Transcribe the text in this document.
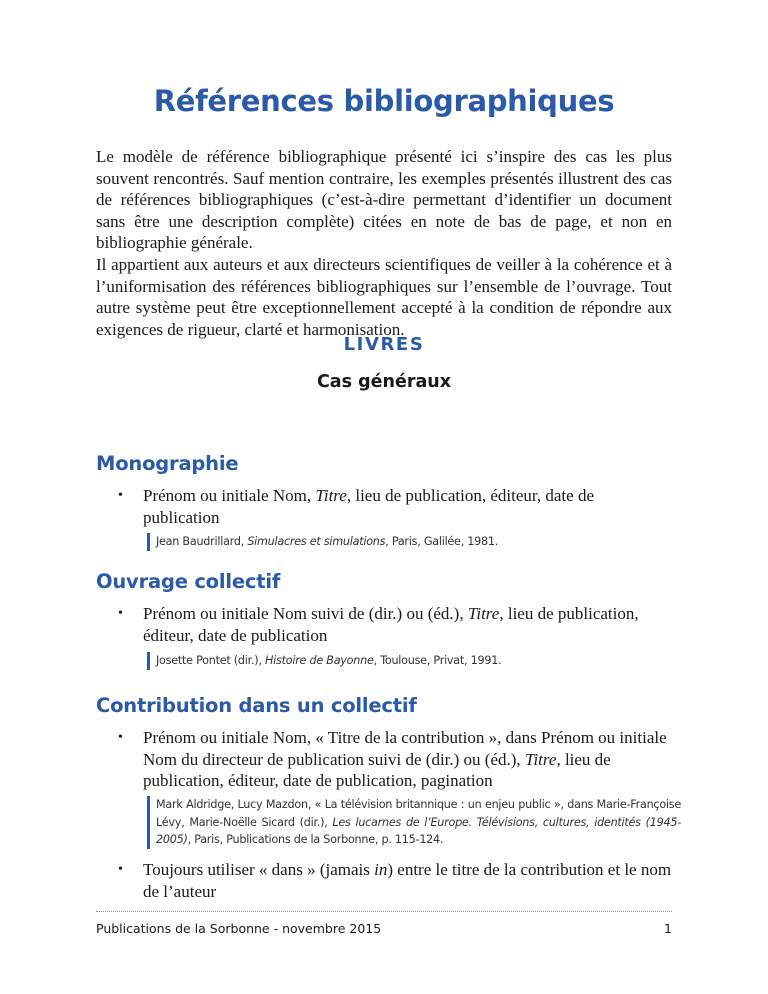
Références bibliographiques

Le modèle de référence bibliographique présenté ici s’inspire des cas les plus souvent rencontrés. Sauf mention contraire, les exemples présentés illustrent des cas de références bibliographiques (c’est-à-dire permettant d’identifier un document sans être une description complète) citées en note de bas de page, et non en bibliographie générale.

Il appartient aux auteurs et aux directeurs scientifiques de veiller à la cohérence et à l’uniformisation des références bibliographiques sur l’ensemble de l’ouvrage. Tout autre système peut être exceptionnellement accepté à la condition de répondre aux exigences de rigueur, clarté et harmonisation.

LIVRES
Cas généraux
Monographie
• Prénom ou initiale Nom, Titre, lieu de publication, éditeur, date de publication
Jean Baudrillard, Simulacres et simulations, Paris, Galilée, 1981.
Ouvrage collectif
• Prénom ou initiale Nom suivi de (dir.) ou (éd.), Titre, lieu de publication, éditeur, date de publication
Josette Pontet (dir.), Histoire de Bayonne, Toulouse, Privat, 1991.
Contribution dans un collectif
• Prénom ou initiale Nom, « Titre de la contribution », dans Prénom ou initiale Nom du directeur de publication suivi de (dir.) ou (éd.), Titre, lieu de publication, éditeur, date de publication, pagination
Mark Aldridge, Lucy Mazdon, « La télévision britannique : un enjeu public », dans Marie-Françoise Lévy, Marie-Noëlle Sicard (dir.), Les lucarnes de l’Europe. Télévisions, cultures, identités (1945-2005), Paris, Publications de la Sorbonne, p. 115-124.
• Toujours utiliser « dans » (jamais in) entre le titre de la contribution et le nom de l’auteur
Publications de la Sorbonne - novembre 2015	1
